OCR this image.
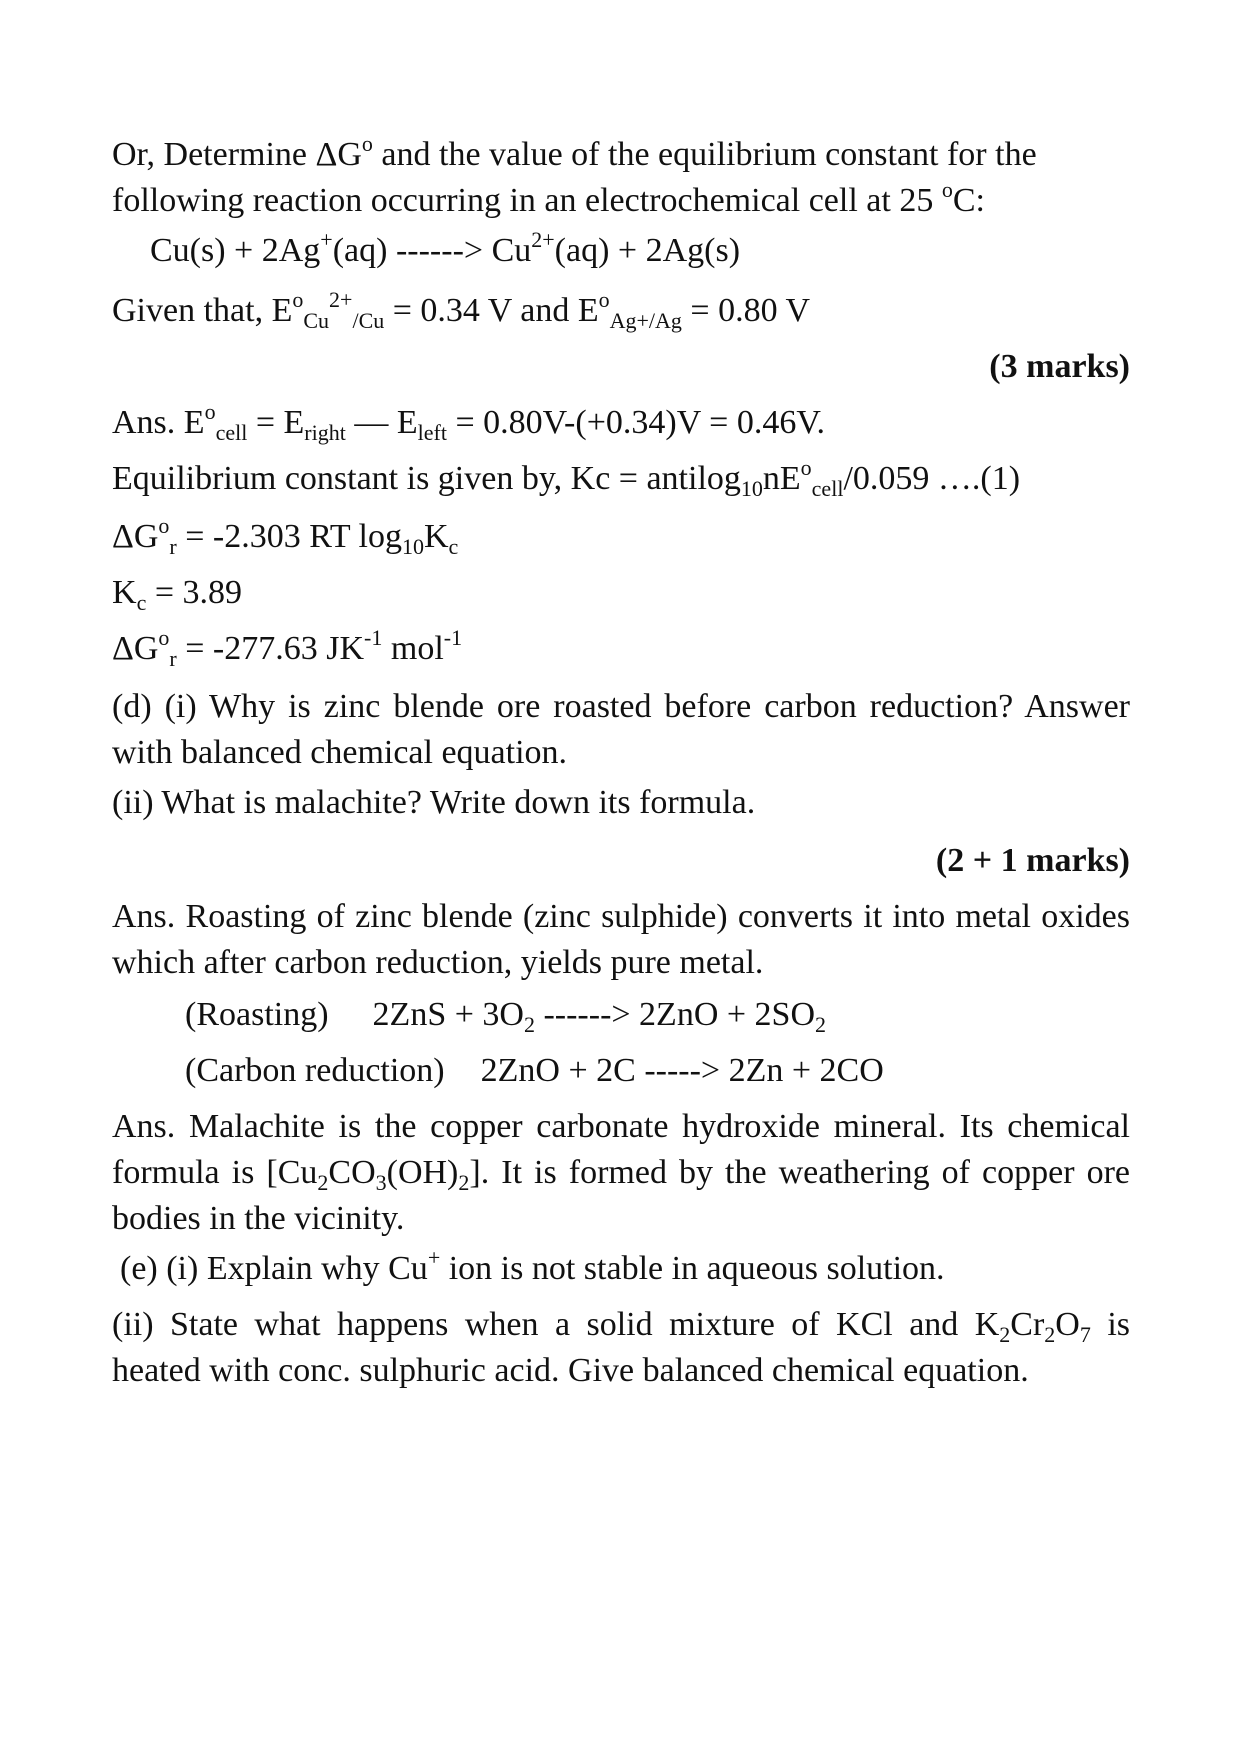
Or, Determine $\Delta G^o$ and the value of the equilibrium constant for the following reaction occurring in an electrochemical cell at 25 $^o$C:
Cu(s) + 2Ag+(aq) ------> $Cu^{2+}(aq) + 2Ag(s)$
Given that, $E^o_{Cu}^{2+}_{/Cu} = 0.34$ V and $E^o_{Ag+/Ag} = 0.80$ V
(3 marks)
Ans. $E^o_{cell} = E_{right}$ — $E_{left} = 0.80V-(+0.34)V = 0.46V$.
Equilibrium constant is given by, $Kc = antilog_{10}nE^o_{cell}/0.059$ ….(1)
$\Delta G^o_r = -2.303$ RT $\log_{10}K_c$
$K_c = 3.89$
$\Delta G^o_r = -277.63$ $JK^{-1}$ mol$^{-1}$
(d) (i) Why is zinc blende ore roasted before carbon reduction? Answer with balanced chemical equation.
(ii) What is malachite? Write down its formula.
(2 + 1 marks)
Ans. Roasting of zinc blende (zinc sulphide) converts it into metal oxides which after carbon reduction, yields pure metal.
(Roasting) $2ZnS + 3O_2$ ------> $2ZnO + 2SO_2$
(Carbon reduction) 2ZnO + 2C -----> 2Zn + 2CO
Ans. Malachite is the copper carbonate hydroxide mineral. Its chemical formula is $[Cu_2CO_3(OH)_2]$. It is formed by the weathering of copper ore bodies in the vicinity.
(e) (i) Explain why Cu+ ion is not stable in aqueous solution.
(ii) State what happens when a solid mixture of KCl and $K_2Cr_2O_7$ is heated with conc. sulphuric acid. Give balanced chemical equation.
